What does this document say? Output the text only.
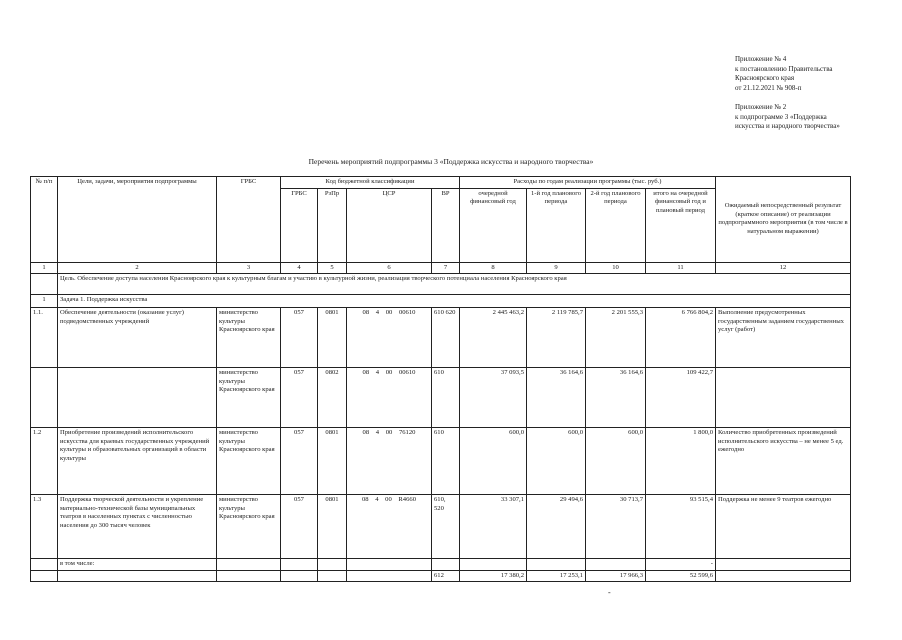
Приложение № 4
к постановлению Правительства
Красноярского края
от 21.12.2021 № 908-п
Приложение № 2
к подпрограмме 3 «Поддержка
искусства и народного творчества»
Перечень мероприятий подпрограммы 3 «Поддержка искусства и народного творчества»
№ п/п	Цели, задачи, мероприятия подпрограммы	ГРБС	Код бюджетной классификации				Расходы по годам реализации программы (тыс. руб.)				Ожидаемый непосредственный результат (краткое описание) от реализации подпрограммного мероприятия (в том числе в натуральном выражении)
			ГРБС	РзПр	ЦСР	ВР	очередной финансовый год	1-й год планового периода	2-й год планового периода	итого на очередной финансовый год и плановый период	
1	2	3	4	5	6	7	8	9	10	11	12
	Цель. Обеспечение доступа населения Красноярского края к культурным благам и участию в культурной жизни, реализация творческого потенциала населения Красноярского края										
1	Задача 1. Поддержка искусства										
1.1.	Обеспечение деятельности (оказание услуг) подведомственных учреждений	министерство культуры Красноярского края	057	0801	08 4 00 00610	610 620	2 445 463,2	2 119 785,7	2 201 555,3	6 766 804,2	Выполнение предусмотренных государственным заданием государственных услуг (работ)
		министерство культуры Красноярского края	057	0802	08 4 00 00610	610	37 093,5	36 164,6	36 164,6	109 422,7	
1.2	Приобретение произведений исполнительского искусства для краевых государственных учреждений культуры и образовательных организаций в области культуры	министерство культуры Красноярского края	057	0801	08 4 00 76120	610	600,0	600,0	600,0	1 800,0	Количество приобретенных произведений исполнительского искусства – не менее 5 ед. ежегодно
1.3	Поддержка творческой деятельности и укрепление материально-технической базы муниципальных театров в населенных пунктах с численностью населения до 300 тысяч человек	министерство культуры Красноярского края	057	0801	08 4 00 R4660	610, 520	33 307,1	29 494,6	30 713,7	93 515,4	Поддержка не менее 9 театров ежегодно
	в том числе:									-	
						612	17 380,2	17 253,1	17 966,3	52 599,6	
-
